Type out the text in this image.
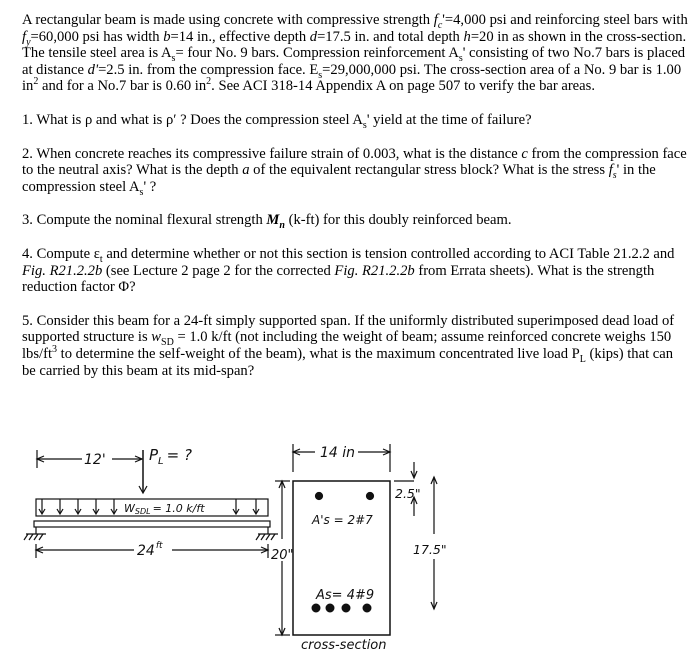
A rectangular beam is made using concrete with compressive strength $f_c'=4,000$ psi and reinforcing steel bars with $f_y=60,000$ psi has width b=14 in., effective depth d=17.5 in. and total depth h=20 in as shown in the cross-section. The tensile steel area is $A_s=$ four No. 9 bars. Compression reinforcement $A_s'$ consisting of two No.7 bars is placed at distance d'=2.5 in. from the compression face. $E_s=29,000,000$ psi. The cross-section area of a No. 9 bar is 1.00 $in^2$ and for a No.7 bar is 0.60 $in^2$. See ACI 318-14 Appendix A on page 507 to verify the bar areas.

1. What is ρ and what is ρ′ ? Does the compression steel $A_s'$ yield at the time of failure?

2. When concrete reaches its compressive failure strain of 0.003, what is the distance c from the compression face to the neutral axis? What is the depth a of the equivalent rectangular stress block? What is the stress $f_s'$ in the compression steel $A_s'$ ?

3. Compute the nominal flexural strength $M_n$ (k-ft) for this doubly reinforced beam.

4. Compute $\varepsilon_t$ and determine whether or not this section is tension controlled according to ACI Table 21.2.2 and Fig. R21.2.2b (see Lecture 2 page 2 for the corrected Fig. R21.2.2b from Errata sheets). What is the strength reduction factor Φ?

5. Consider this beam for a 24-ft simply supported span. If the uniformly distributed superimposed dead load of supported structure is $w_{SD} = 1.0$ k/ft (not including the weight of beam; assume reinforced concrete weighs 150 lbs/$ft^3$ to determine the self-weight of the beam), what is the maximum concentrated live load $P_L$ (kips) that can be carried by this beam at its mid-span?

12'	$P_L$ = ?
WSDL = 1.0 k/ft
$24^{ft}$
14 in
2.5"
A's = 2#7
17.5"
20"
As= 4#9
cross-section
